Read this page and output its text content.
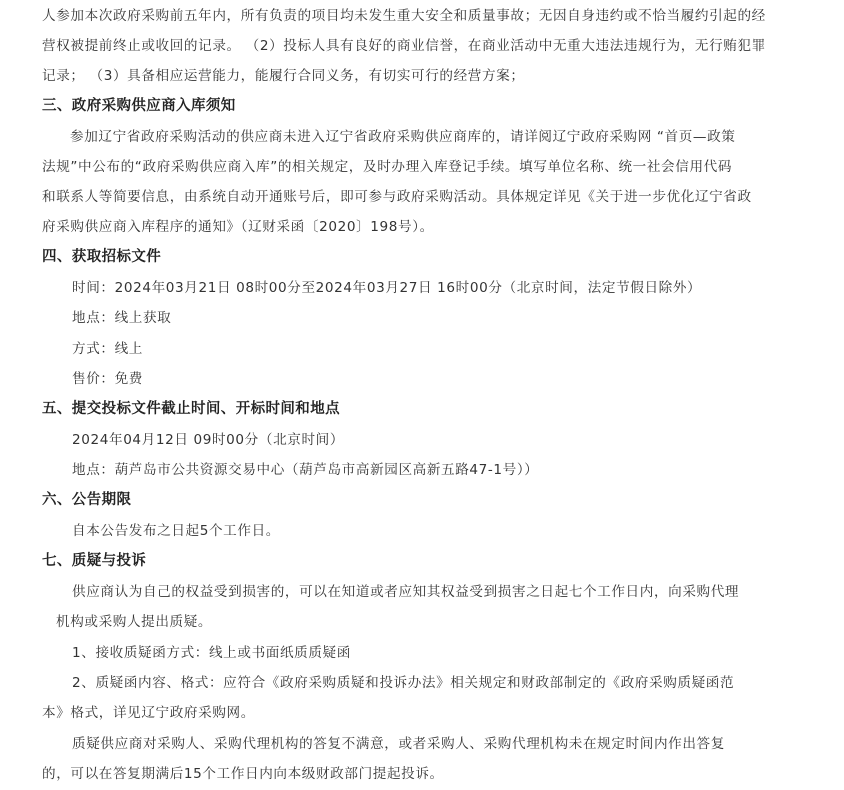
人参加本次政府采购前五年内，所有负责的项目均未发生重大安全和质量事故；无因自身违约或不恰当履约引起的经
营权被提前终止或收回的记录。 （2）投标人具有良好的商业信誉，在商业活动中无重大违法违规行为，无行贿犯罪
记录； （3）具备相应运营能力，能履行合同义务，有切实可行的经营方案；
三、政府采购供应商入库须知
参加辽宁省政府采购活动的供应商未进入辽宁省政府采购供应商库的，请详阅辽宁政府采购网 “首页—政策
法规”中公布的“政府采购供应商入库”的相关规定，及时办理入库登记手续。填写单位名称、统一社会信用代码
和联系人等简要信息，由系统自动开通账号后，即可参与政府采购活动。具体规定详见《关于进一步优化辽宁省政
府采购供应商入库程序的通知》（辽财采函〔2020〕198号）。
四、获取招标文件
时间：2024年03月21日 08时00分至2024年03月27日 16时00分（北京时间，法定节假日除外）
地点：线上获取
方式：线上
售价：免费
五、提交投标文件截止时间、开标时间和地点
2024年04月12日 09时00分（北京时间）
地点：葫芦岛市公共资源交易中心（葫芦岛市高新园区高新五路47-1号））
六、公告期限
自本公告发布之日起5个工作日。
七、质疑与投诉
供应商认为自己的权益受到损害的，可以在知道或者应知其权益受到损害之日起七个工作日内，向采购代理
机构或采购人提出质疑。
1、接收质疑函方式：线上或书面纸质质疑函
2、质疑函内容、格式：应符合《政府采购质疑和投诉办法》相关规定和财政部制定的《政府采购质疑函范
本》格式，详见辽宁政府采购网。
质疑供应商对采购人、采购代理机构的答复不满意，或者采购人、采购代理机构未在规定时间内作出答复
的，可以在答复期满后15个工作日内向本级财政部门提起投诉。
